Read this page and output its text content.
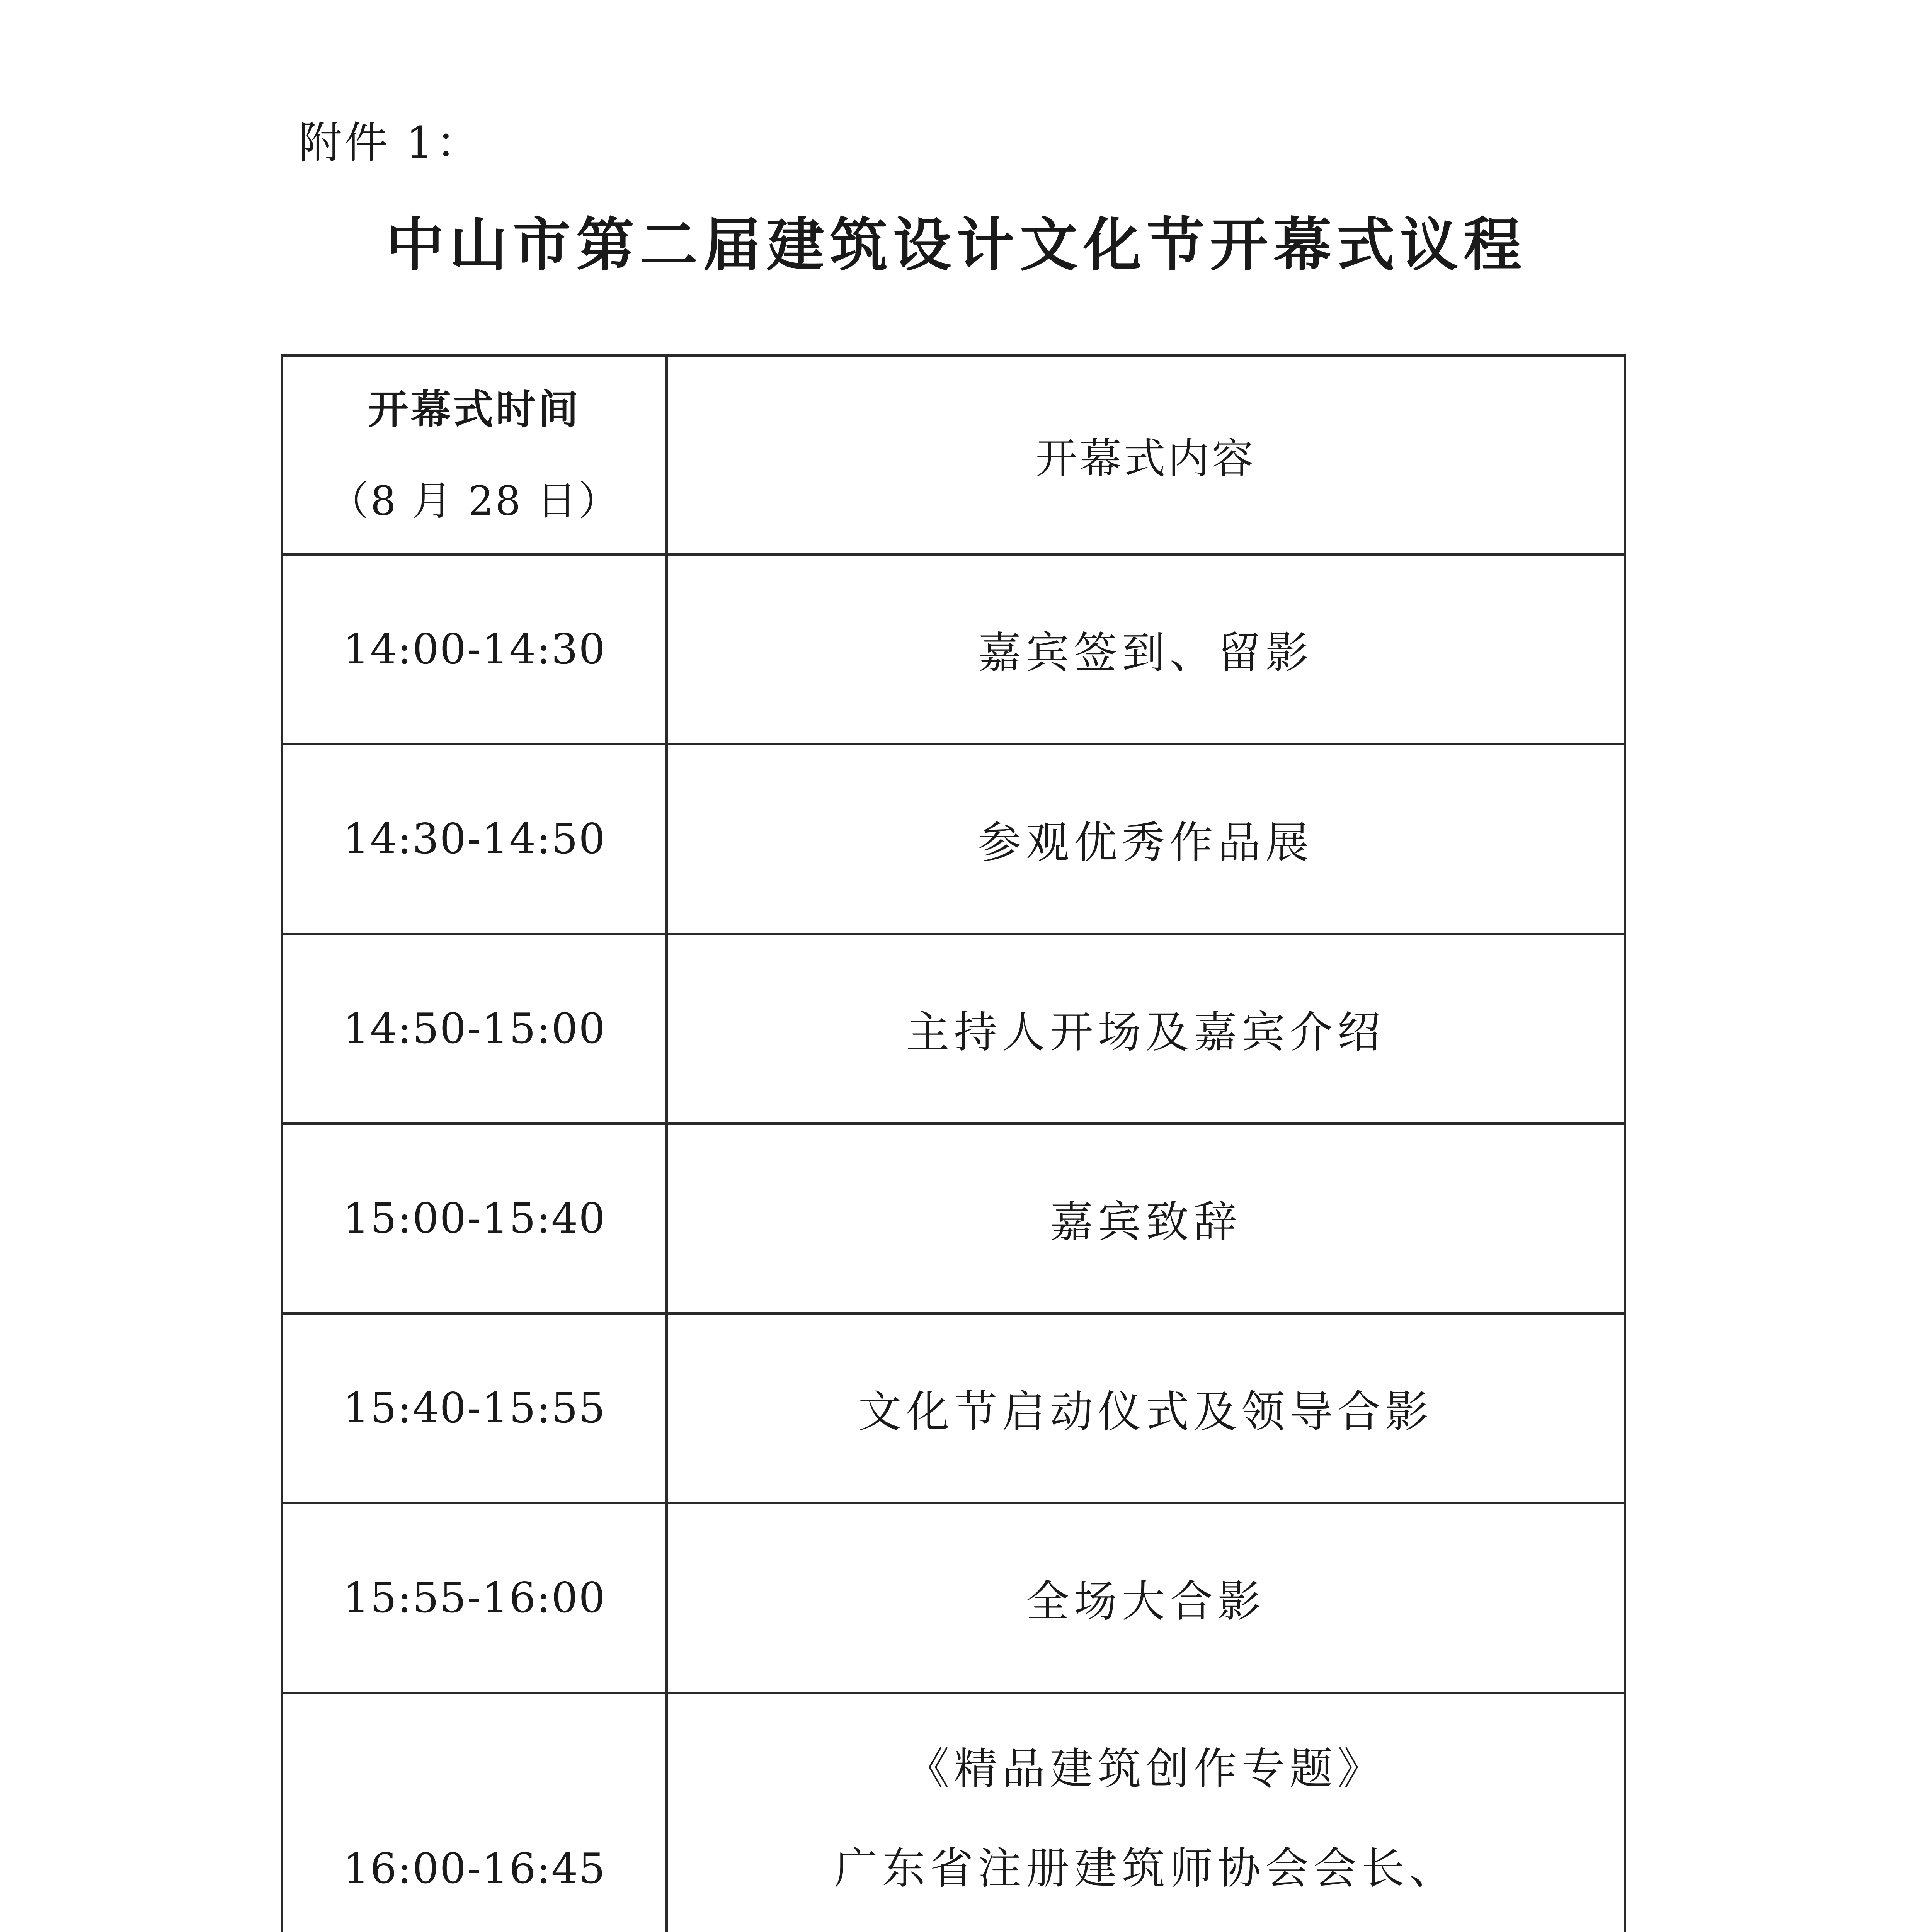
附件 1：
中山市第二届建筑设计文化节开幕式议程
开幕式时间
（8 月 28 日）	开幕式内容
14:00-14:30	嘉宾签到、留影
14:30-14:50	参观优秀作品展
14:50-15:00	主持人开场及嘉宾介绍
15:00-15:40	嘉宾致辞
15:40-15:55	文化节启动仪式及领导合影
15:55-16:00	全场大合影
16:00-16:45	《精品建筑创作专题》
广东省注册建筑师协会会长、
